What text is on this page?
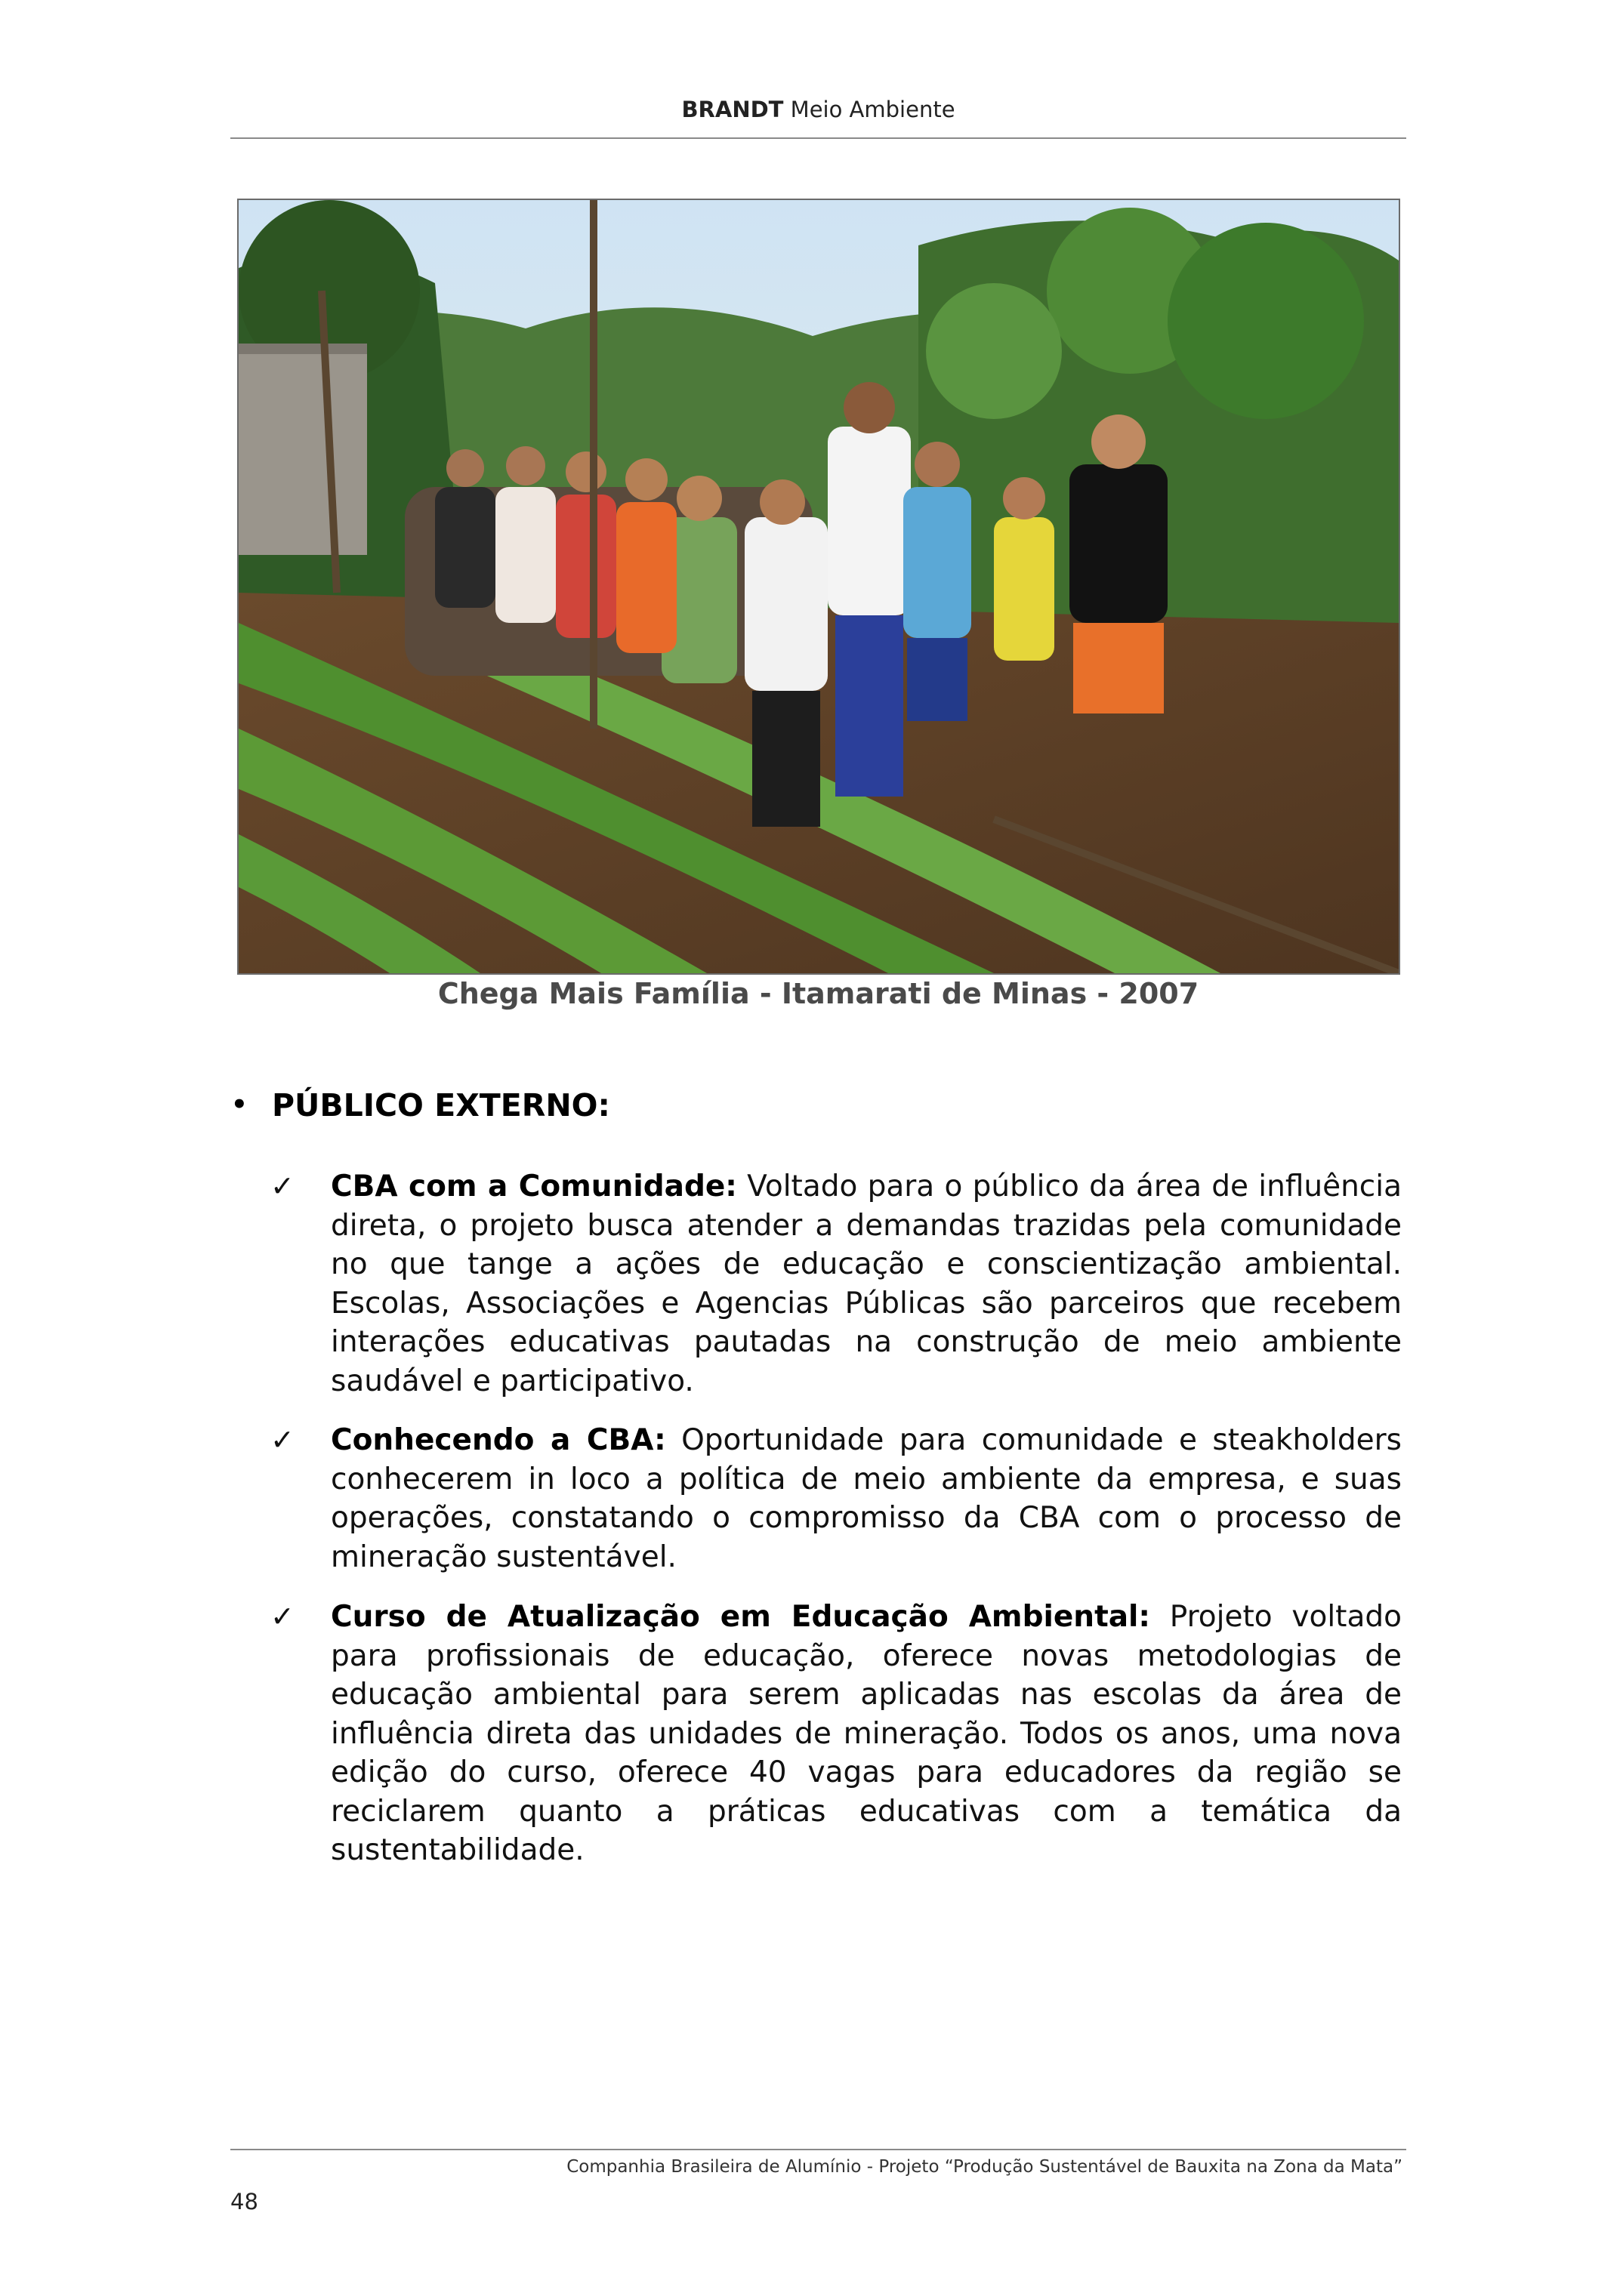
BRANDT Meio Ambiente
Chega Mais Família - Itamarati de Minas - 2007
• PÚBLICO EXTERNO:
✓ CBA com a Comunidade: Voltado para o público da área de influência direta, o projeto busca atender a demandas trazidas pela comunidade no que tange a ações de educação e conscientização ambiental. Escolas, Associações e Agencias Públicas são parceiros que recebem interações educativas pautadas na construção de meio ambiente saudável e participativo.
✓ Conhecendo a CBA: Oportunidade para comunidade e steakholders conhecerem in loco a política de meio ambiente da empresa, e suas operações, constatando o compromisso da CBA com o processo de mineração sustentável.
✓ Curso de Atualização em Educação Ambiental: Projeto voltado para profissionais de educação, oferece novas metodologias de educação ambiental para serem aplicadas nas escolas da área de influência direta das unidades de mineração. Todos os anos, uma nova edição do curso, oferece 40 vagas para educadores da região se reciclarem quanto a práticas educativas com a temática da sustentabilidade.
Companhia Brasileira de Alumínio - Projeto “Produção Sustentável de Bauxita na Zona da Mata”
48
